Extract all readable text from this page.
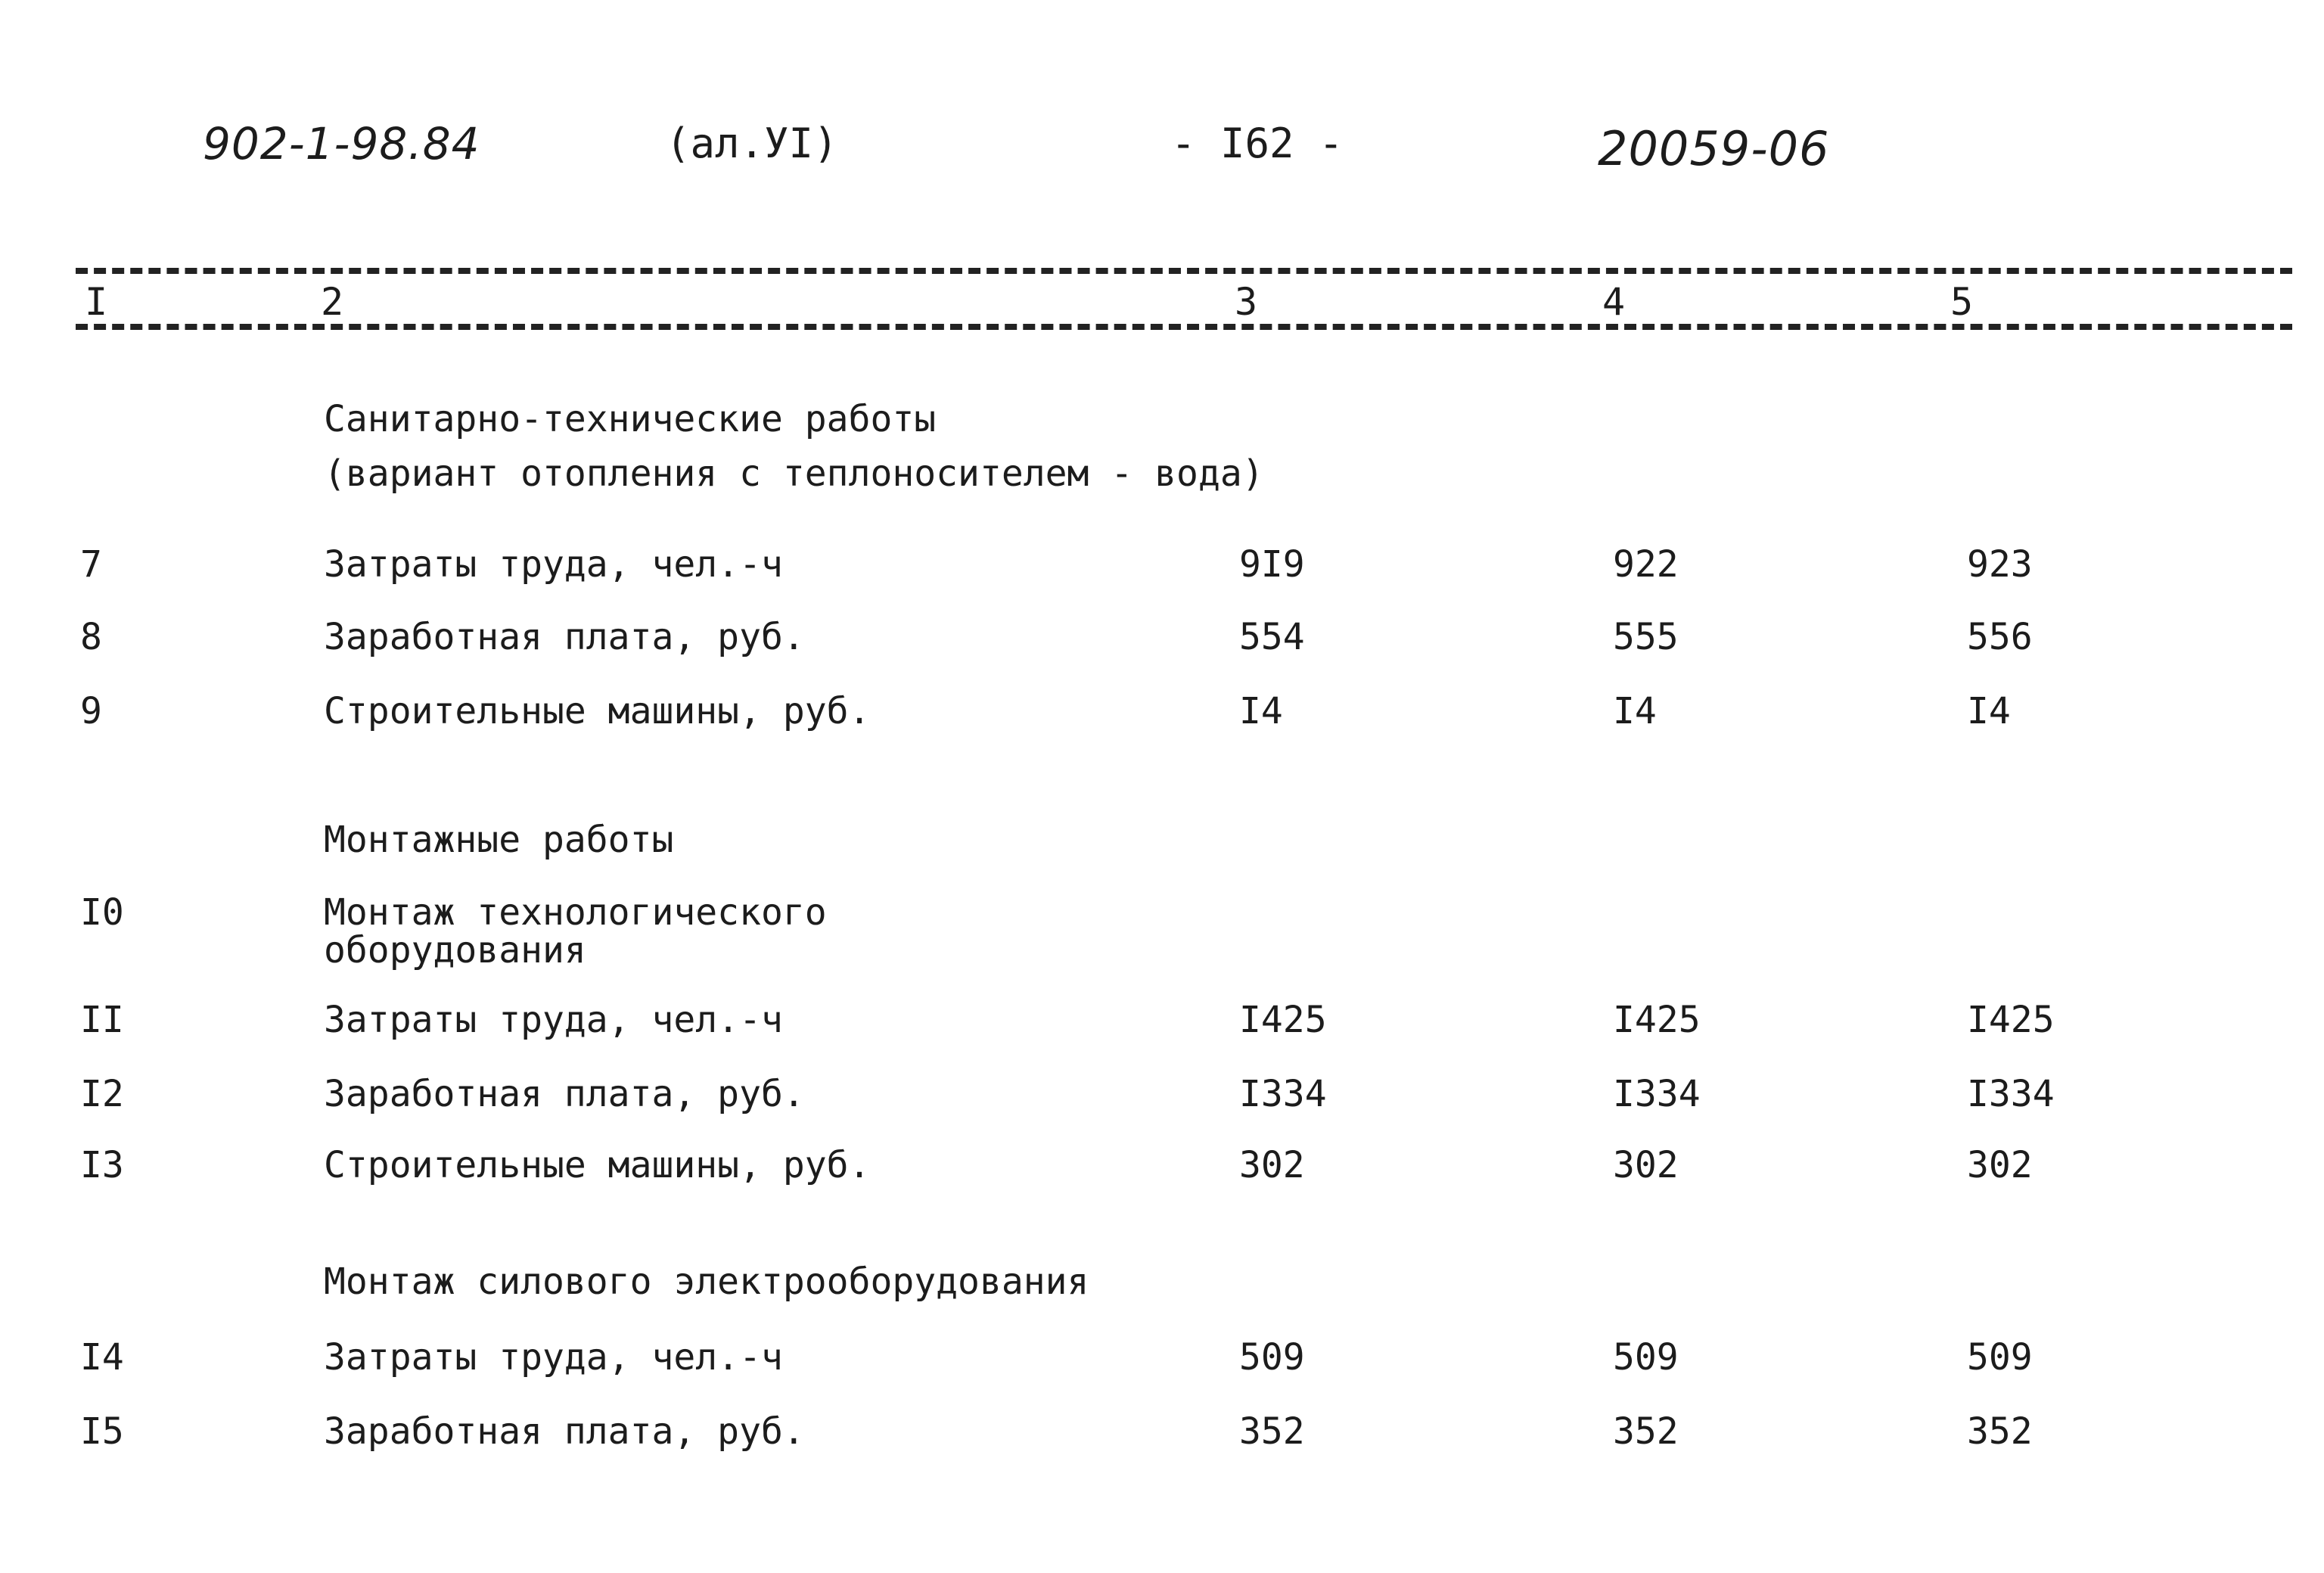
902-1-98.84	(ал.УI)	- I62 -	20059-06
I	2	3	4	5
Санитарно-технические работы
(вариант отопления с теплоносителем - вода)
7	Затраты труда, чел.-ч	9I9	922	923
8	Заработная плата, руб.	554	555	556
9	Строительные машины, руб.	I4	I4	I4
Монтажные работы
I0	Монтаж технологического
оборудования
II	Затраты труда, чел.-ч	I425	I425	I425
I2	Заработная плата, руб.	I334	I334	I334
I3	Строительные машины, руб.	302	302	302
Монтаж силового электрооборудования
I4	Затраты труда, чел.-ч	509	509	509
I5	Заработная плата, руб.	352	352	352
